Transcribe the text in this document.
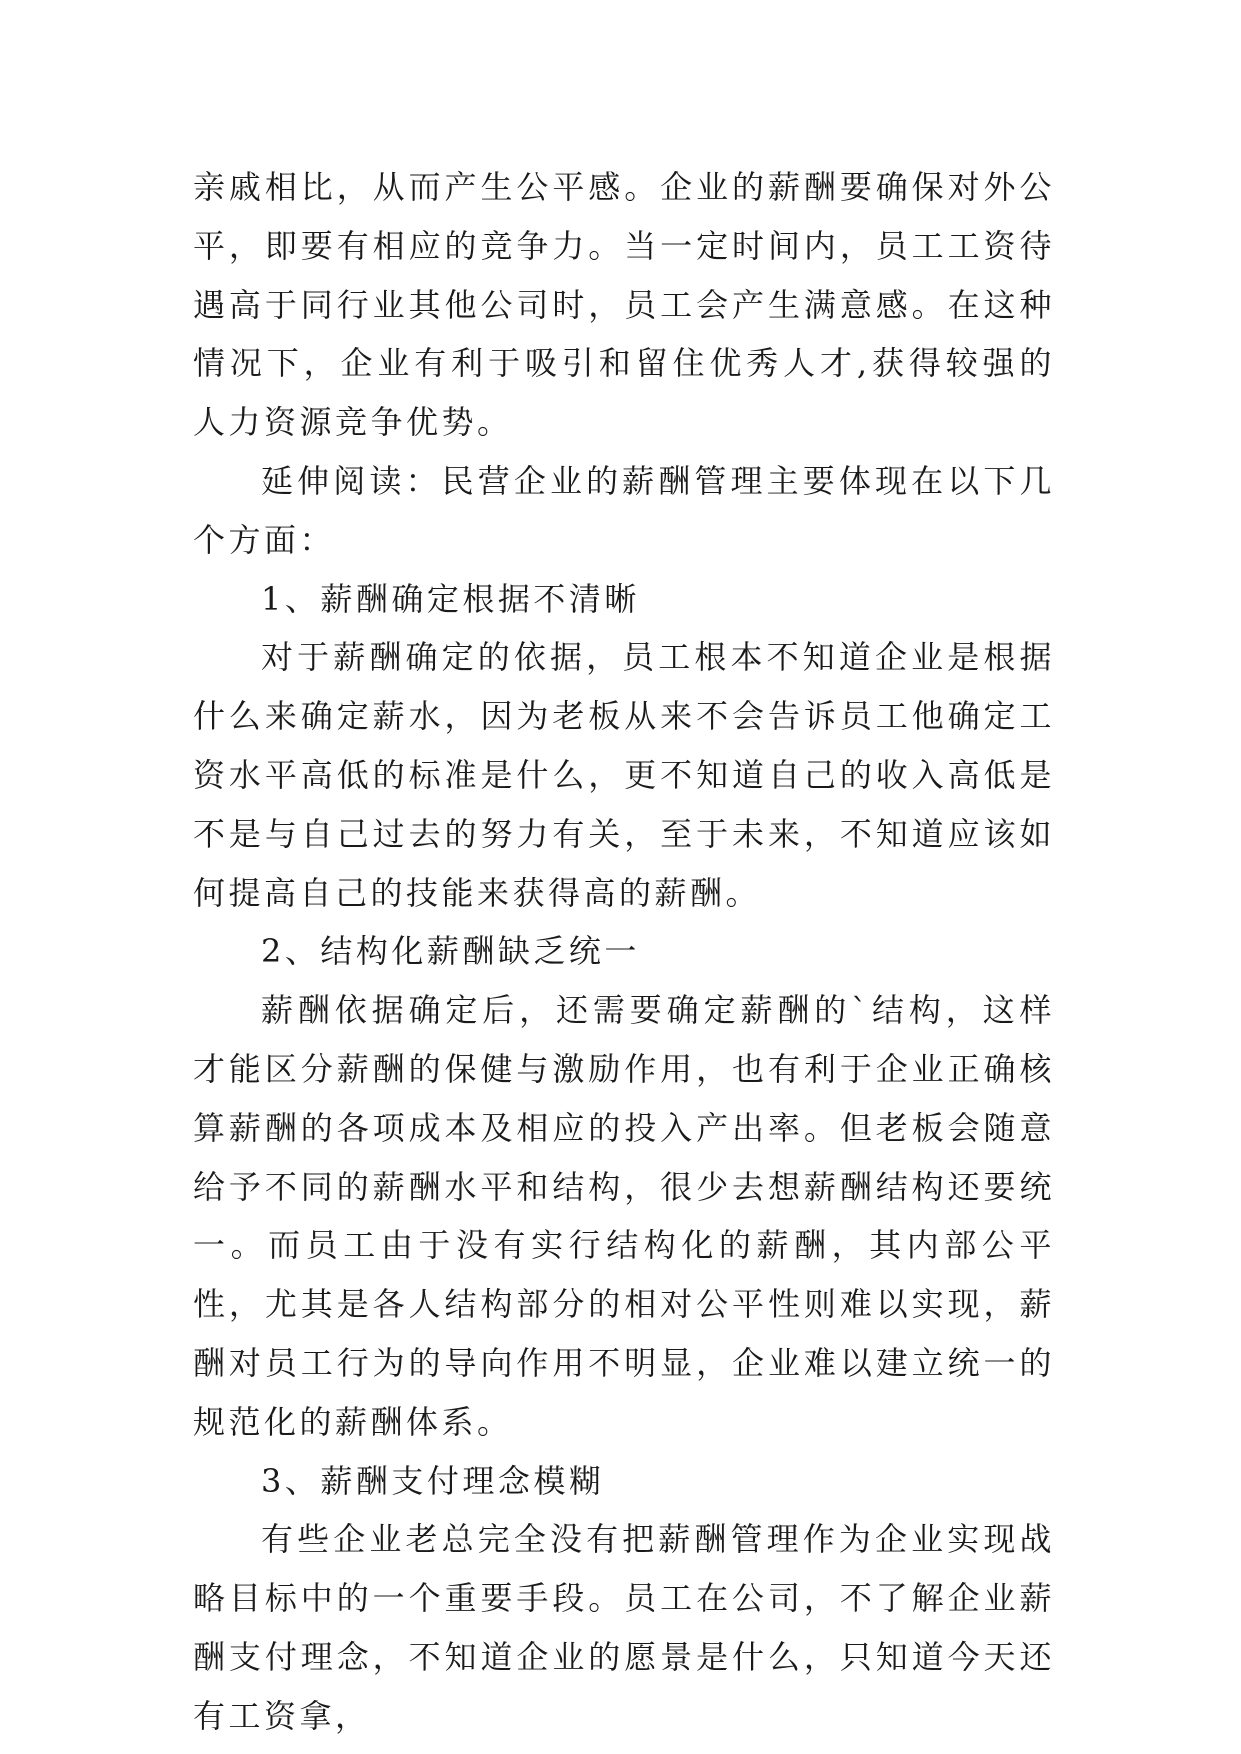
亲戚相比，从而产生公平感。企业的薪酬要确保对外公平，即要有相应的竞争力。当一定时间内，员工工资待遇高于同行业其他公司时，员工会产生满意感。在这种情况下，企业有利于吸引和留住优秀人才,获得较强的人力资源竞争优势。

延伸阅读：民营企业的薪酬管理主要体现在以下几个方面：

1、薪酬确定根据不清晰

对于薪酬确定的依据，员工根本不知道企业是根据什么来确定薪水，因为老板从来不会告诉员工他确定工资水平高低的标准是什么，更不知道自己的收入高低是不是与自己过去的努力有关，至于未来，不知道应该如何提高自己的技能来获得高的薪酬。

2、结构化薪酬缺乏统一

薪酬依据确定后，还需要确定薪酬的`结构，这样才能区分薪酬的保健与激励作用，也有利于企业正确核算薪酬的各项成本及相应的投入产出率。但老板会随意给予不同的薪酬水平和结构，很少去想薪酬结构还要统一。而员工由于没有实行结构化的薪酬，其内部公平性，尤其是各人结构部分的相对公平性则难以实现，薪酬对员工行为的导向作用不明显，企业难以建立统一的规范化的薪酬体系。

3、薪酬支付理念模糊

有些企业老总完全没有把薪酬管理作为企业实现战略目标中的一个重要手段。员工在公司，不了解企业薪酬支付理念，不知道企业的愿景是什么，只知道今天还有工资拿，
